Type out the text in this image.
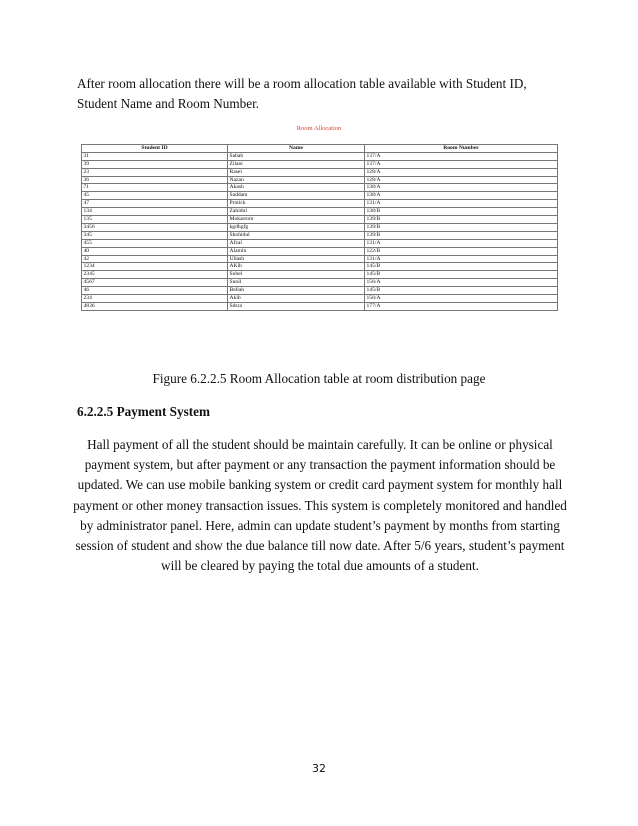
After room allocation there will be a room allocation table available with Student ID, Student Name and Room Number.

Room Allocation
Student ID	Name	Room Number
31	Sabab	137/A
39	Zilani	137/A
23	Rasel	128/A
36	Nazan	128/A
71	Akash	138/A
45	Saddam	138/A
47	Protick	131/A
134	Zahidul	138/B
135	Mokarrom	139/B
3456	kgdhgfg	139/B
345	Shohidul	139/B
455	Afzal	131/A
40	Alamin	122/B
42	Ullash	131/A
1234	AKib	145/B
2345	Sohel	145/B
4567	Sunil	156/A
46	Bellah	145/B
234	Akib	156/A
4836	Sdsra	177/A
Figure 6.2.2.5 Room Allocation table at room distribution page
6.2.2.5 Payment System

Hall payment of all the student should be maintain carefully. It can be online or physical payment system, but after payment or any transaction the payment information should be updated. We can use mobile banking system or credit card payment system for monthly hall payment or other money transaction issues. This system is completely monitored and handled by administrator panel. Here, admin can update student’s payment by months from starting session of student and show the due balance till now date. After 5/6 years, student’s payment will be cleared by paying the total due amounts of a student.

32
